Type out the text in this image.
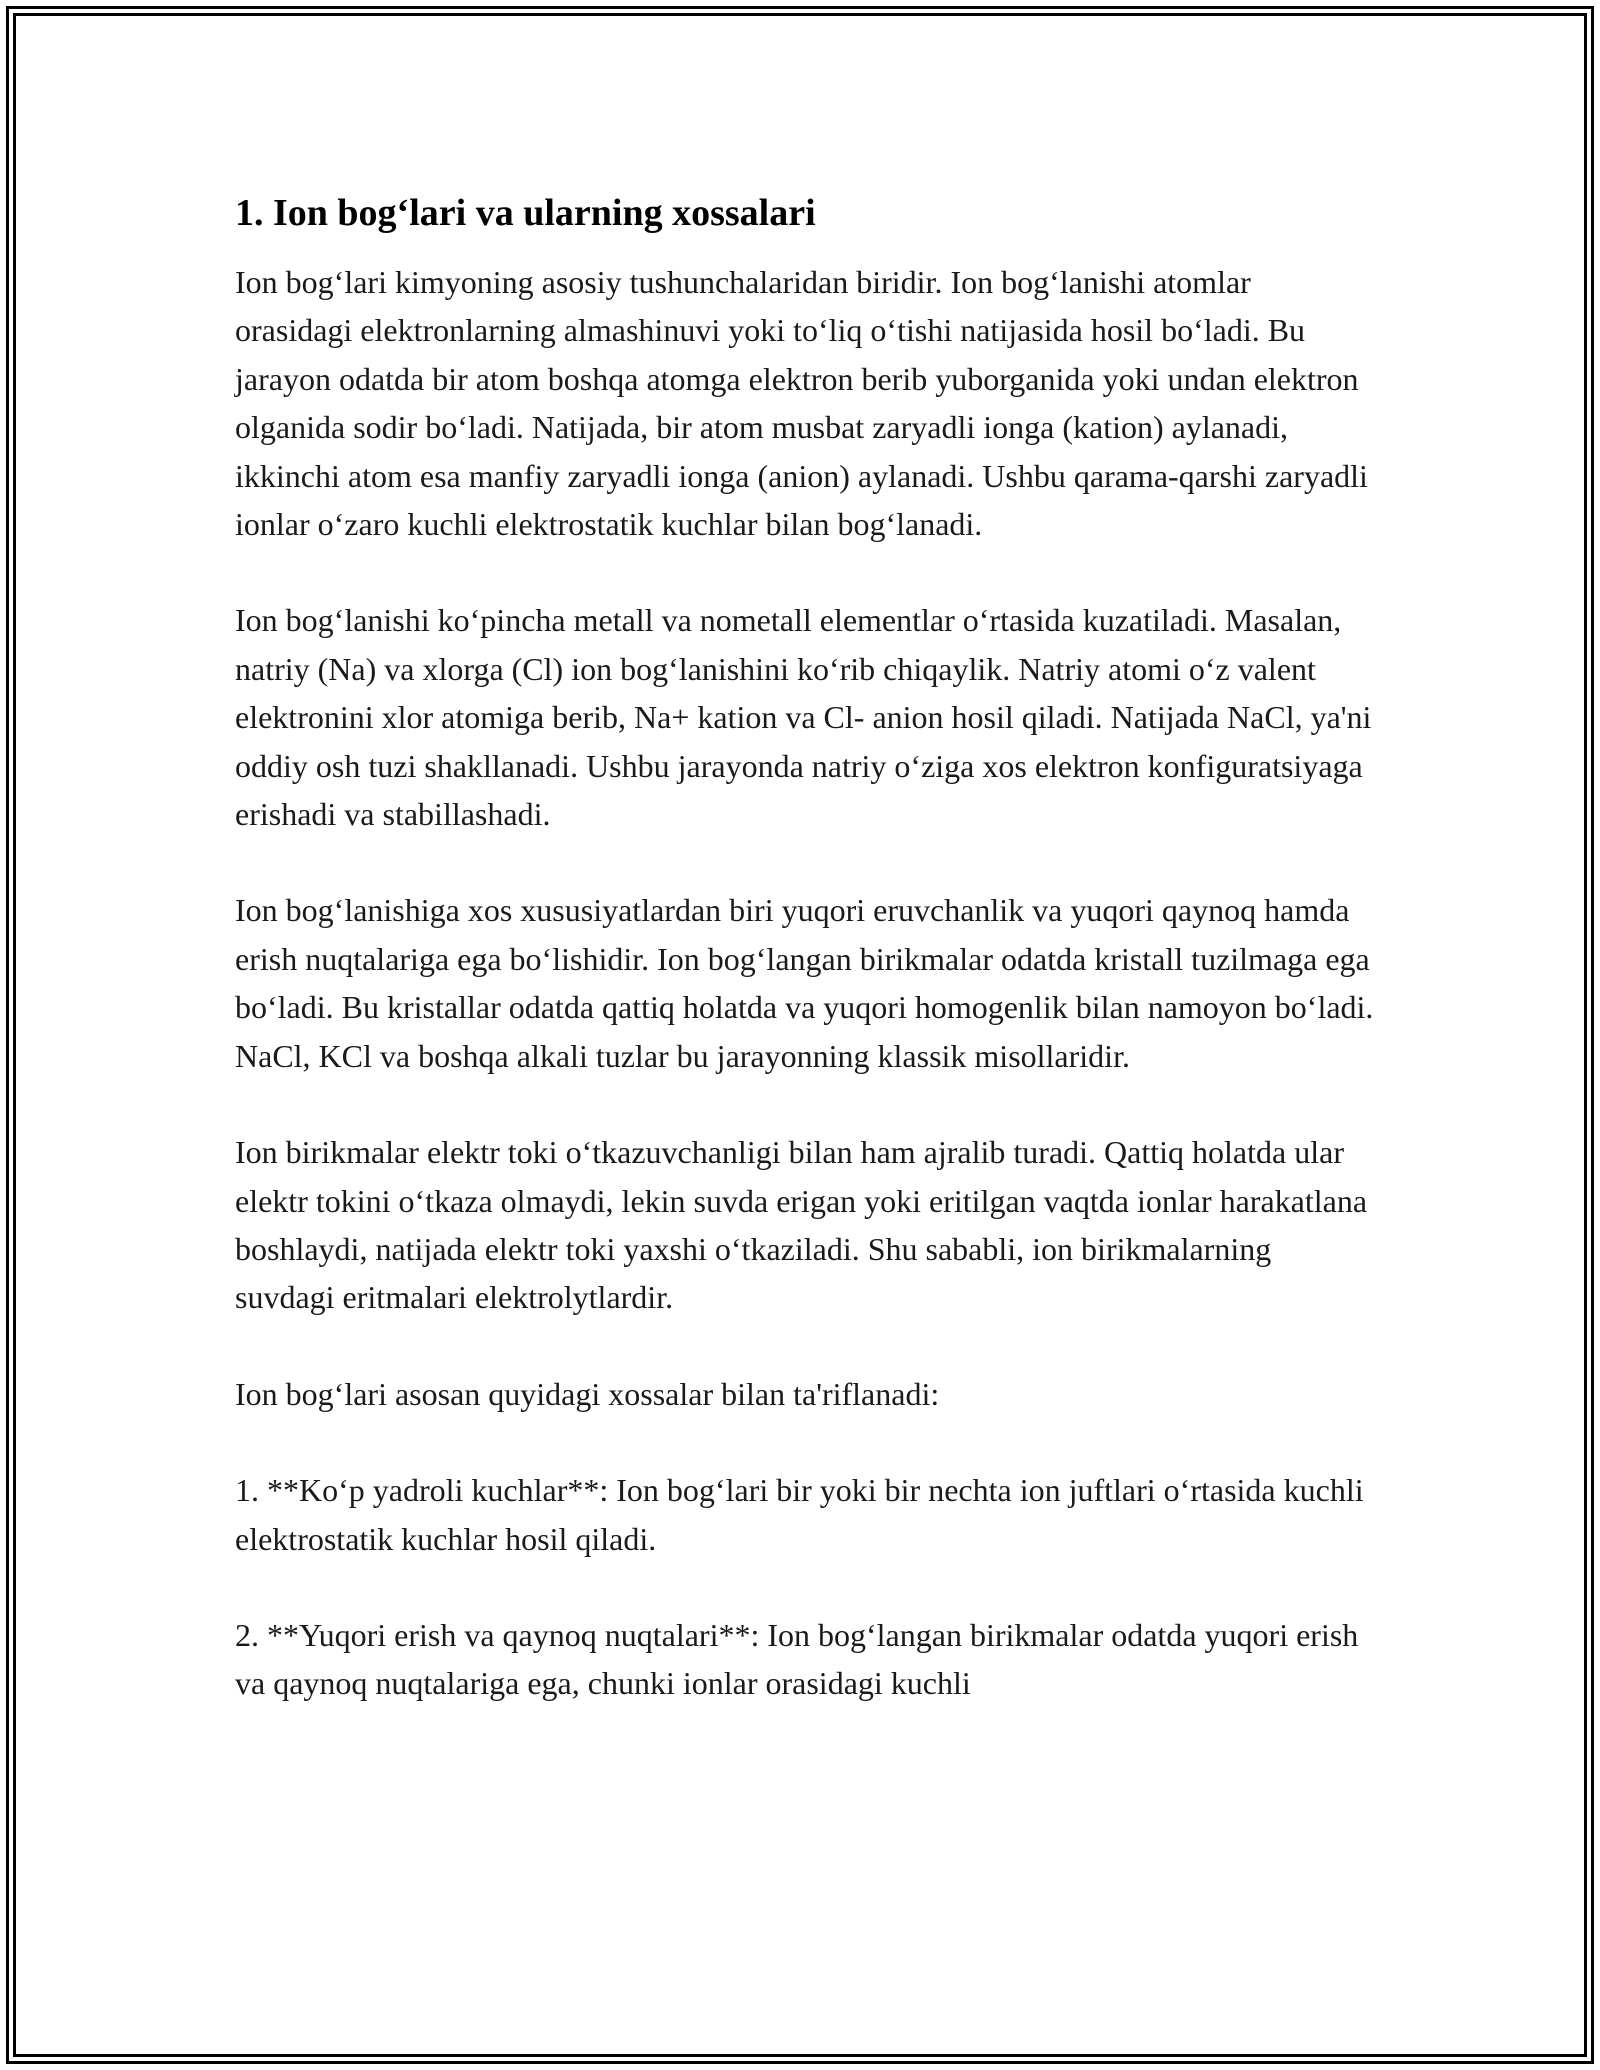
1. Ion bog‘lari va ularning xossalari

Ion bog‘lari kimyoning asosiy tushunchalaridan biridir. Ion bog‘lanishi atomlar orasidagi elektronlarning almashinuvi yoki to‘liq o‘tishi natijasida hosil bo‘ladi. Bu jarayon odatda bir atom boshqa atomga elektron berib yuborganida yoki undan elektron olganida sodir bo‘ladi. Natijada, bir atom musbat zaryadli ionga (kation) aylanadi, ikkinchi atom esa manfiy zaryadli ionga (anion) aylanadi. Ushbu qarama-qarshi zaryadli ionlar o‘zaro kuchli elektrostatik kuchlar bilan bog‘lanadi.

Ion bog‘lanishi ko‘pincha metall va nometall elementlar o‘rtasida kuzatiladi. Masalan, natriy (Na) va xlorga (Cl) ion bog‘lanishini ko‘rib chiqaylik. Natriy atomi o‘z valent elektronini xlor atomiga berib, Na+ kation va Cl- anion hosil qiladi. Natijada NaCl, ya'ni oddiy osh tuzi shakllanadi. Ushbu jarayonda natriy o‘ziga xos elektron konfiguratsiyaga erishadi va stabillashadi.

Ion bog‘lanishiga xos xususiyatlardan biri yuqori eruvchanlik va yuqori qaynoq hamda erish nuqtalariga ega bo‘lishidir. Ion bog‘langan birikmalar odatda kristall tuzilmaga ega bo‘ladi. Bu kristallar odatda qattiq holatda va yuqori homogenlik bilan namoyon bo‘ladi. NaCl, KCl va boshqa alkali tuzlar bu jarayonning klassik misollaridir.

Ion birikmalar elektr toki o‘tkazuvchanligi bilan ham ajralib turadi. Qattiq holatda ular elektr tokini o‘tkaza olmaydi, lekin suvda erigan yoki eritilgan vaqtda ionlar harakatlana boshlaydi, natijada elektr toki yaxshi o‘tkaziladi. Shu sababli, ion birikmalarning suvdagi eritmalari elektrolytlardir.

Ion bog‘lari asosan quyidagi xossalar bilan ta'riflanadi:

1. **Ko‘p yadroli kuchlar**: Ion bog‘lari bir yoki bir nechta ion juftlari o‘rtasida kuchli elektrostatik kuchlar hosil qiladi.

2. **Yuqori erish va qaynoq nuqtalari**: Ion bog‘langan birikmalar odatda yuqori erish va qaynoq nuqtalariga ega, chunki ionlar orasidagi kuchli
